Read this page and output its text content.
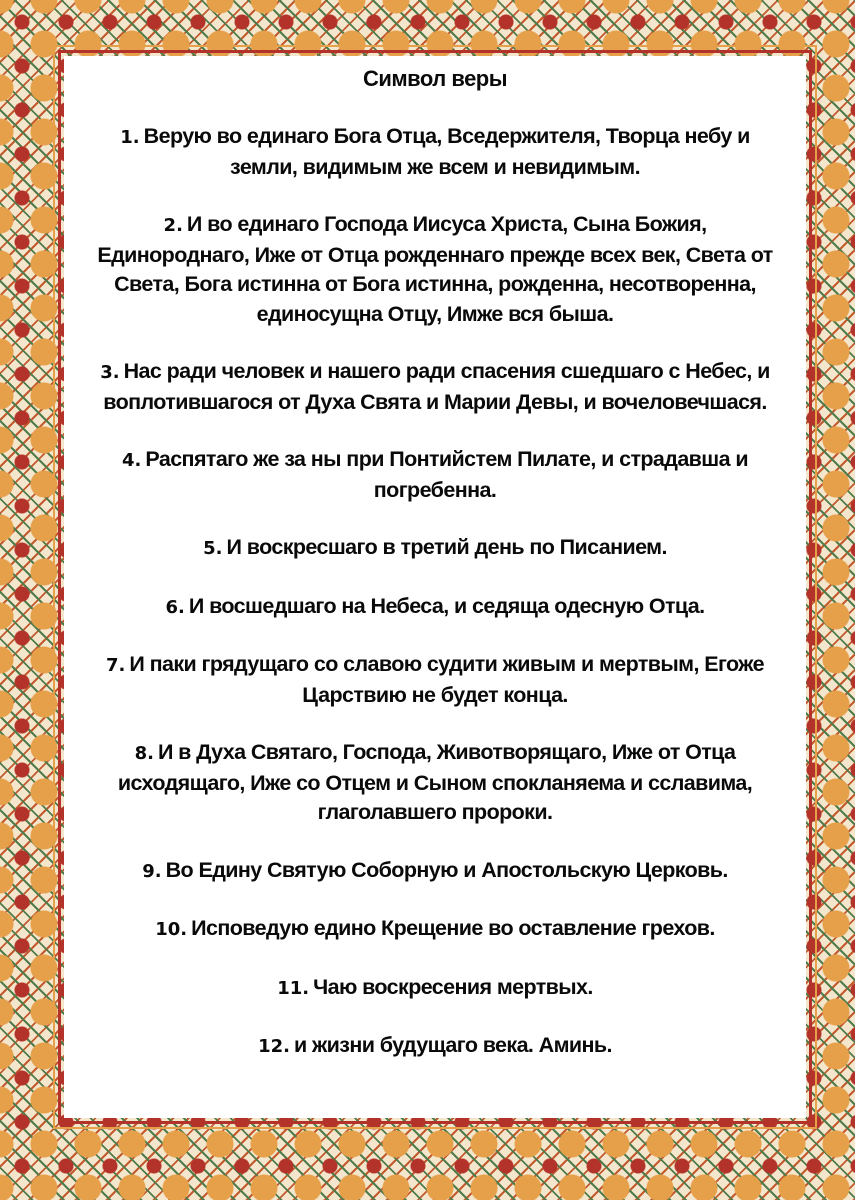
Символ веры
1. Верую во единаго Бога Отца, Вседержителя, Творца небу и земли, видимым же всем и невидимым.
2. И во единаго Господа Иисуса Христа, Сына Божия, Единороднаго, Иже от Отца рожденнаго прежде всех век, Света от Света, Бога истинна от Бога истинна, рожденна, несотворенна, единосущна Отцу, Имже вся быша.
3. Нас ради человек и нашего ради спасения сшедшаго с Небес, и воплотившагося от Духа Свята и Марии Девы, и вочеловечшася.
4. Распятаго же за ны при Понтийстем Пилате, и страдавша и погребенна.
5. И воскресшаго в третий день по Писанием.
6. И восшедшаго на Небеса, и седяща одесную Отца.
7. И паки грядущаго со славою судити живым и мертвым, Егоже Царствию не будет конца.
8. И в Духа Святаго, Господа, Животворящаго, Иже от Отца исходящаго, Иже со Отцем и Сыном спокланяема и сславима, глаголавшего пророки.
9. Во Едину Святую Соборную и Апостольскую Церковь.
10. Исповедую едино Крещение во оставление грехов.
11. Чаю воскресения мертвых.
12. и жизни будущаго века. Аминь.
